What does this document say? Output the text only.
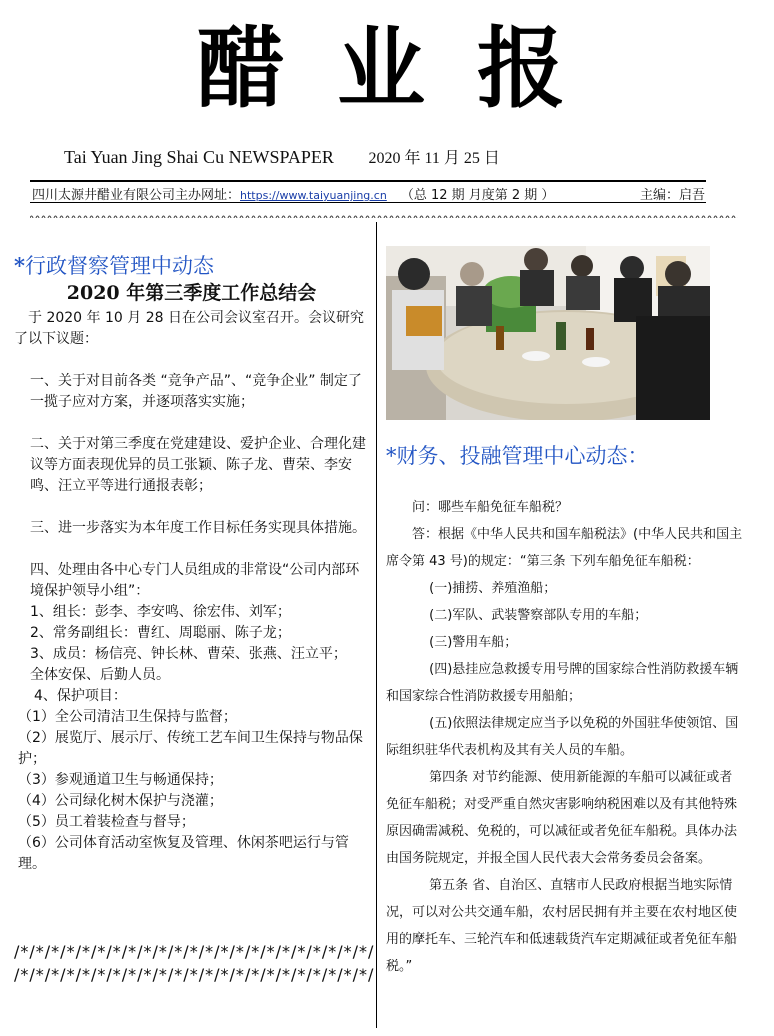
醋业报
Tai Yuan Jing Shai Cu NEWSPAPER 2020 年 11 月 25 日
四川太源井醋业有限公司主办网址：https://www.taiyuanjing.cn （总 12 期 月度第 2 期 ）	主编：启吾
*行政督察管理中动态
2020 年第三季度工作总结会

　于 2020 年 10 月 28 日在公司会议室召开。会议研究了以下议题：

一、关于对目前各类 “竞争产品”、“竞争企业” 制定了一揽子应对方案，并逐项落实实施；

二、关于对第三季度在党建建设、爱护企业、合理化建议等方面表现优异的员工张颖、陈子龙、曹荣、李安鸣、汪立平等进行通报表彰；

三、进一步落实为本年度工作目标任务实现具体措施。

四、处理由各中心专门人员组成的非常设“公司内部环境保护领导小组”：

1、组长：彭李、李安鸣、徐宏伟、刘军；

2、常务副组长：曹红、周聪丽、陈子龙；

3、成员：杨信亮、钟长林、曹荣、张燕、汪立平；

全体安保、后勤人员。

4、保护项目：

（1）全公司清洁卫生保持与监督；

（2）展览厅、展示厅、传统工艺车间卫生保持与物品保护；

（3）参观通道卫生与畅通保持；

（4）公司绿化树木保护与浇灌；

（5）员工着装检查与督导；

（6）公司体育活动室恢复及管理、休闲茶吧运行与管理。

/*/*/*/*/*/*/*/*/*/*/*/*/*/*/*/*/*/*/*/*/*/*/*/
/*/*/*/*/*/*/*/*/*/*/*/*/*/*/*/*/*/*/*/*/*/*/*/
*财务、投融管理中心动态：

　　问：哪些车船免征车船税？

　　答：根据《中华人民共和国车船税法》(中华人民共和国主席令第 43 号)的规定：“第三条 下列车船免征车船税：

　　　 (一)捕捞、养殖渔船；

　　　 (二)军队、武装警察部队专用的车船；

　　　 (三)警用车船；

　　　 (四)悬挂应急救援专用号牌的国家综合性消防救援车辆和国家综合性消防救援专用船舶；

　　　 (五)依照法律规定应当予以免税的外国驻华使领馆、国际组织驻华代表机构及其有关人员的车船。

　　　 第四条 对节约能源、使用新能源的车船可以减征或者免征车船税；对受严重自然灾害影响纳税困难以及有其他特殊原因确需减税、免税的，可以减征或者免征车船税。具体办法由国务院规定，并报全国人民代表大会常务委员会备案。

　　　 第五条 省、自治区、直辖市人民政府根据当地实际情况，可以对公共交通车船，农村居民拥有并主要在农村地区使用的摩托车、三轮汽车和低速载货汽车定期减征或者免征车船税。”
